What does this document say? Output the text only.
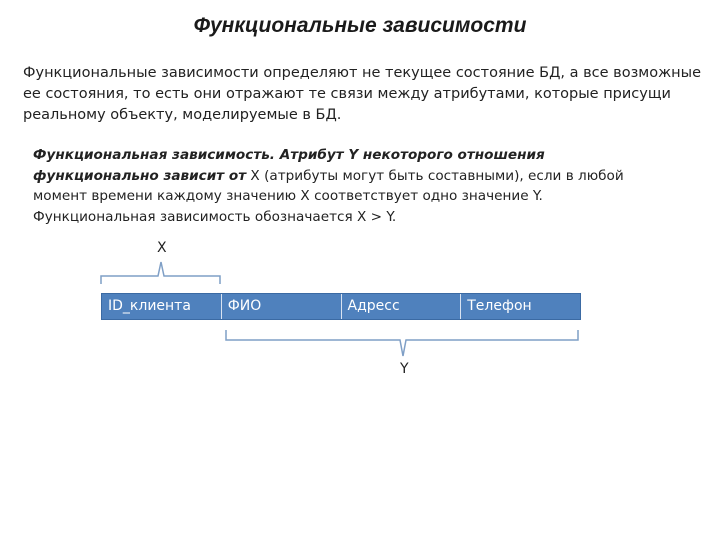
Функциональные зависимости
Функциональные зависимости определяют не текущее состояние БД, а все возможные ее состояния, то есть они отражают те связи между атрибутами, которые присущи реальному объекту, моделируемые в БД.
Функциональная зависимость. Атрибут Y некоторого отношения
функционально зависит от X (атрибуты могут быть составными), если в любой
момент времени каждому значению X соответствует одно значение Y.
Функциональная зависимость обозначается X > Y.
X
ID_клиента	ФИО	Адресс	Телефон
Y
